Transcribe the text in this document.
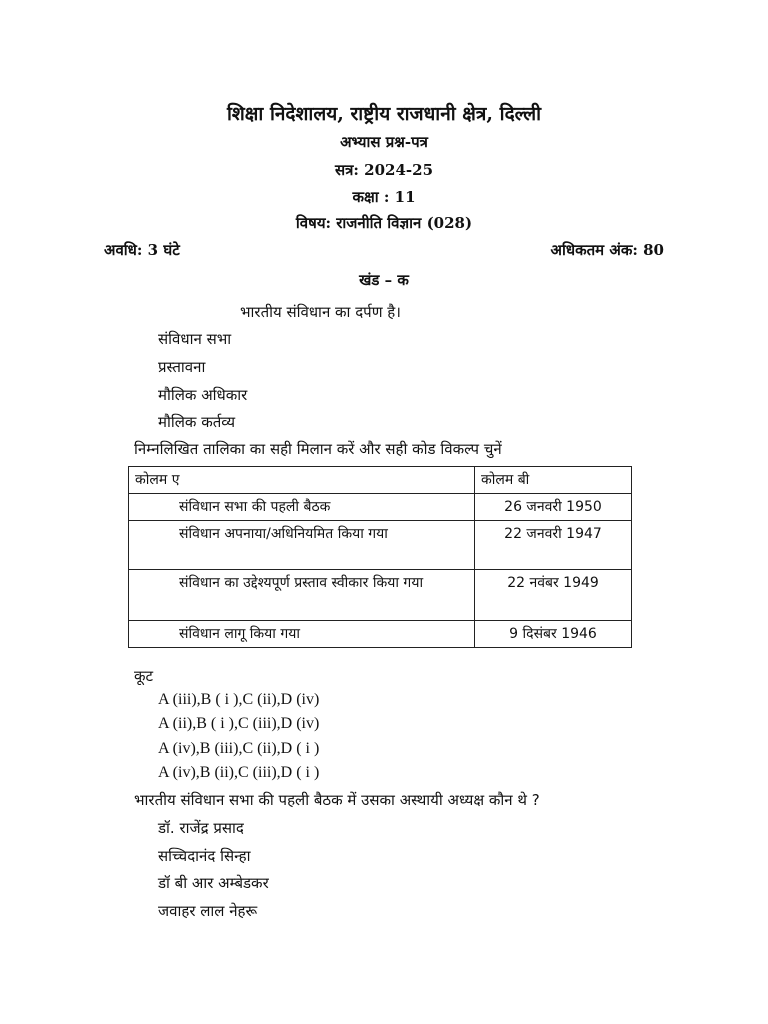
शिक्षा निदेशालय, राष्ट्रीय राजधानी क्षेत्र, दिल्ली
अभ्यास प्रश्न-पत्र
सत्र: 2024-25
कक्षा : 11
विषय: राजनीति विज्ञान (028)
अवधि: 3 घंटे	अधिकतम अंक: 80
खंड – क
भारतीय संविधान का दर्पण है।
संविधान सभा
प्रस्तावना
मौलिक अधिकार
मौलिक कर्तव्य
निम्नलिखित तालिका का सही मिलान करें और सही कोड विकल्प चुनें
कोलम ए	कोलम बी
संविधान सभा की पहली बैठक	26 जनवरी 1950
संविधान अपनाया/अधिनियमित किया गया	22 जनवरी 1947
संविधान का उद्देश्यपूर्ण प्रस्ताव स्वीकार किया गया	22 नवंबर 1949
संविधान लागू किया गया	9 दिसंबर 1946
कूट
A (iii),B ( i ),C (ii),D (iv)
A (ii),B ( i ),C (iii),D (iv)
A (iv),B (iii),C (ii),D ( i )
A (iv),B (ii),C (iii),D ( i )
भारतीय संविधान सभा की पहली बैठक में उसका अस्थायी अध्यक्ष कौन थे ?
डॉ. राजेंद्र प्रसाद
सच्चिदानंद सिन्हा
डॉ बी आर अम्बेडकर
जवाहर लाल नेहरू
